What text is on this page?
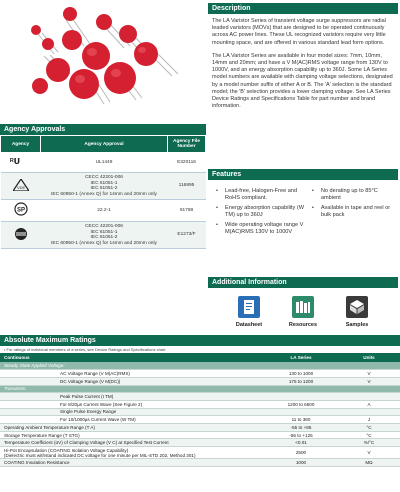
Description

The LA Varistor Series of transient voltage surge suppressors are radial leaded varistors (MOVs) that are designed to be operated continuously across AC power lines. These UL recognized varistors require very little mounting space, and are offered in various standard lead form options.

The LA Varistor Series are available in four model sizes: 7mm, 10mm, 14mm and 20mm; and have a V M(AC)RMS voltage range from 130V to 1000V, and an energy absorption capability up to 360J. Some LA Series model numbers are available with clamping voltage selections, designated by a model number suffix of either A or B. The 'A' selection is the standard model; the 'B' selection provides a lower clamping voltage. See LA Series Device Ratings and Specifications Table for part number and brand information.

Agency Approvals
Agency	Agency Approval	Agency File Number

ᴿ𝗨	UL1449	E320116

VDE	CECC 42201-006
IEC 61051-1
IEC 61051-2
IEC 60950-1 (Annex Q) for 14mm and 20mm only	116895

SP	22.2-1	91788
	CECC 42201-006
IEC 61051-1
IEC 61051-2
IEC 60950-1 (Annex Q) for 14mm and 20mm only	E1273/F
Features
• Lead-free, Halogen-Free and RoHS compliant.
• Energy absorption capability (W TM) up to 360J
• Wide operating voltage range V M(AC)RMS 130V to 1000V
• No derating up to 85°C ambient
• Available in tape and reel or bulk pack
Additional Information
Datasheet	Resources	Samples
Absolute Maximum Ratings
• For ratings of individual members of a series, see Device Ratings and Specifications chart
Continuous	LA Series	Units
Steady State Applied Voltage:		
AC Voltage Range (V M(AC)RMS)	130 to 1000	V
DC Voltage Range (V M(DC))	175 to 1200	V
Transients:		
Peak Pulse Current (I TM)		
For 8/20µs Current Wave (See Figure 2)	1200 to 6500	A
Single Pulse Energy Range		
For 10/1000µs Current Wave (W TM)	11 to 360	J
Operating Ambient Temperature Range (T A)	-55 to +85	°C
Storage Temperature Range (T STG)	-55 to +125	°C
Temperature Coefficient (αV) of Clamping Voltage (V C) at Specified Test Current	<0.01	%/°C
Hi-Pot Encapsulation (COATING Isolation Voltage Capability)
(Dielectric must withstand indicated DC voltage for one minute per MIL-STD 202, Method 301)	2500	V
COATING Insulation Resistance	1000	MΩ
